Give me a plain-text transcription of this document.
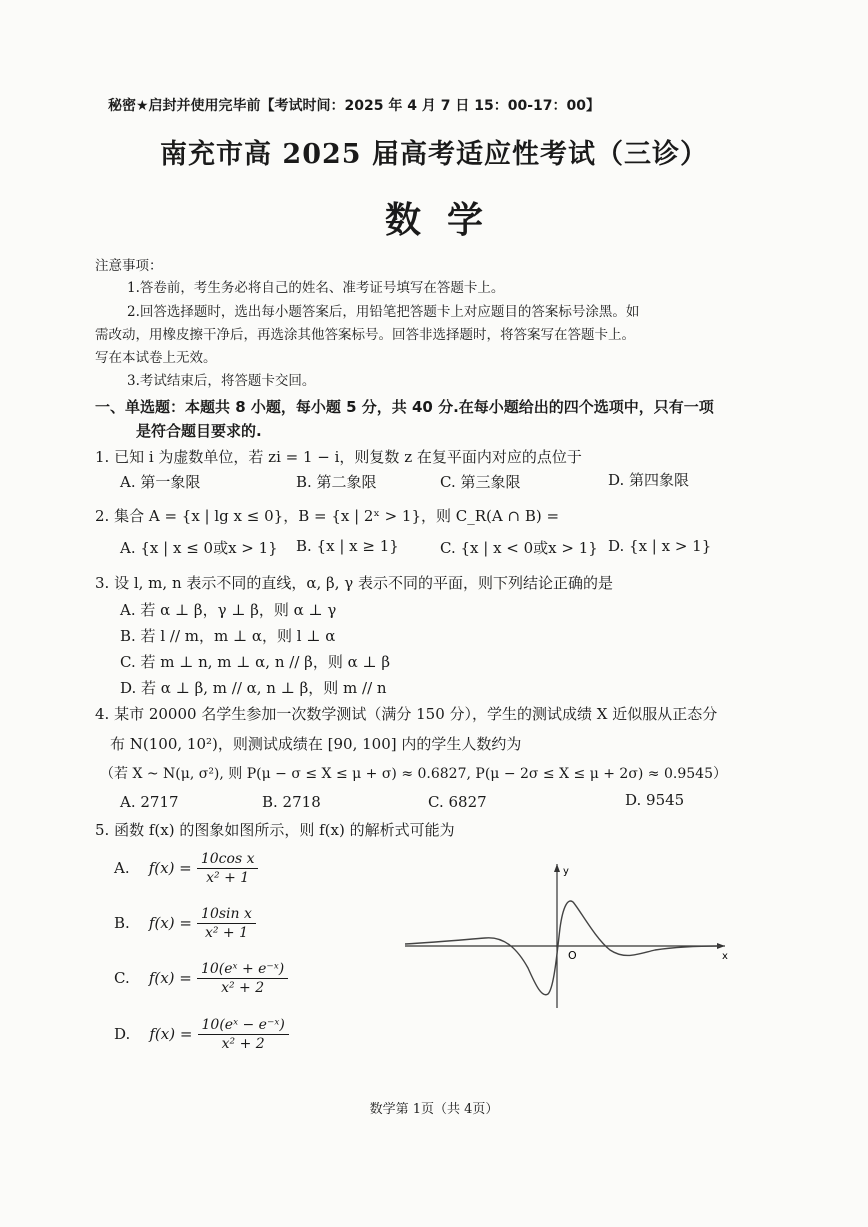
秘密★启封并使用完毕前【考试时间：2025 年 4 月 7 日 15：00-17：00】
南充市高 2025 届高考适应性考试（三诊）
数学
注意事项：
1.答卷前，考生务必将自己的姓名、准考证号填写在答题卡上。
2.回答选择题时，选出每小题答案后，用铅笔把答题卡上对应题目的答案标号涂黑。如
需改动，用橡皮擦干净后，再选涂其他答案标号。回答非选择题时，将答案写在答题卡上。
写在本试卷上无效。
3.考试结束后，将答题卡交回。
一、单选题：本题共 8 小题，每小题 5 分，共 40 分.在每小题给出的四个选项中，只有一项
是符合题目要求的.
1. 已知 i 为虚数单位，若 zi = 1 − i，则复数 z 在复平面内对应的点位于
A. 第一象限	B. 第二象限	C. 第三象限	D. 第四象限
2. 集合 A = {x | lg x ≤ 0}，B = {x | 2ˣ > 1}，则 C_R(A ∩ B) =
A. {x | x ≤ 0或x > 1} B. {x | x ≥ 1}	C. {x | x < 0或x > 1} D. {x | x > 1}
3. 设 l, m, n 表示不同的直线，α, β, γ 表示不同的平面，则下列结论正确的是
A. 若 α ⊥ β，γ ⊥ β，则 α ⊥ γ
B. 若 l // m，m ⊥ α，则 l ⊥ α
C. 若 m ⊥ n, m ⊥ α, n // β，则 α ⊥ β
D. 若 α ⊥ β, m // α, n ⊥ β，则 m // n
4. 某市 20000 名学生参加一次数学测试（满分 150 分），学生的测试成绩 X 近似服从正态分
布 N(100, 10²)，则测试成绩在 [90, 100] 内的学生人数约为
（若 X ~ N(μ, σ²), 则 P(μ − σ ≤ X ≤ μ + σ) ≈ 0.6827, P(μ − 2σ ≤ X ≤ μ + 2σ) ≈ 0.9545）
A. 2717	B. 2718	C. 6827	D. 9545
5. 函数 f(x) 的图象如图所示，则 f(x) 的解析式可能为
A. $f(x) = \frac{\text{10cos x}}{\text{x² + 1}}$
B. $f(x) = \frac{\text{10sin x}}{\text{x² + 1}}$
C. $f(x) = \frac{\text{10(eˣ + e⁻ˣ)}}{\text{x² + 2}}$
D. $f(x) = \frac{\text{10(eˣ − e⁻ˣ)}}{\text{x² + 2}}$
x
y
O
数学第 1页（共 4页）
